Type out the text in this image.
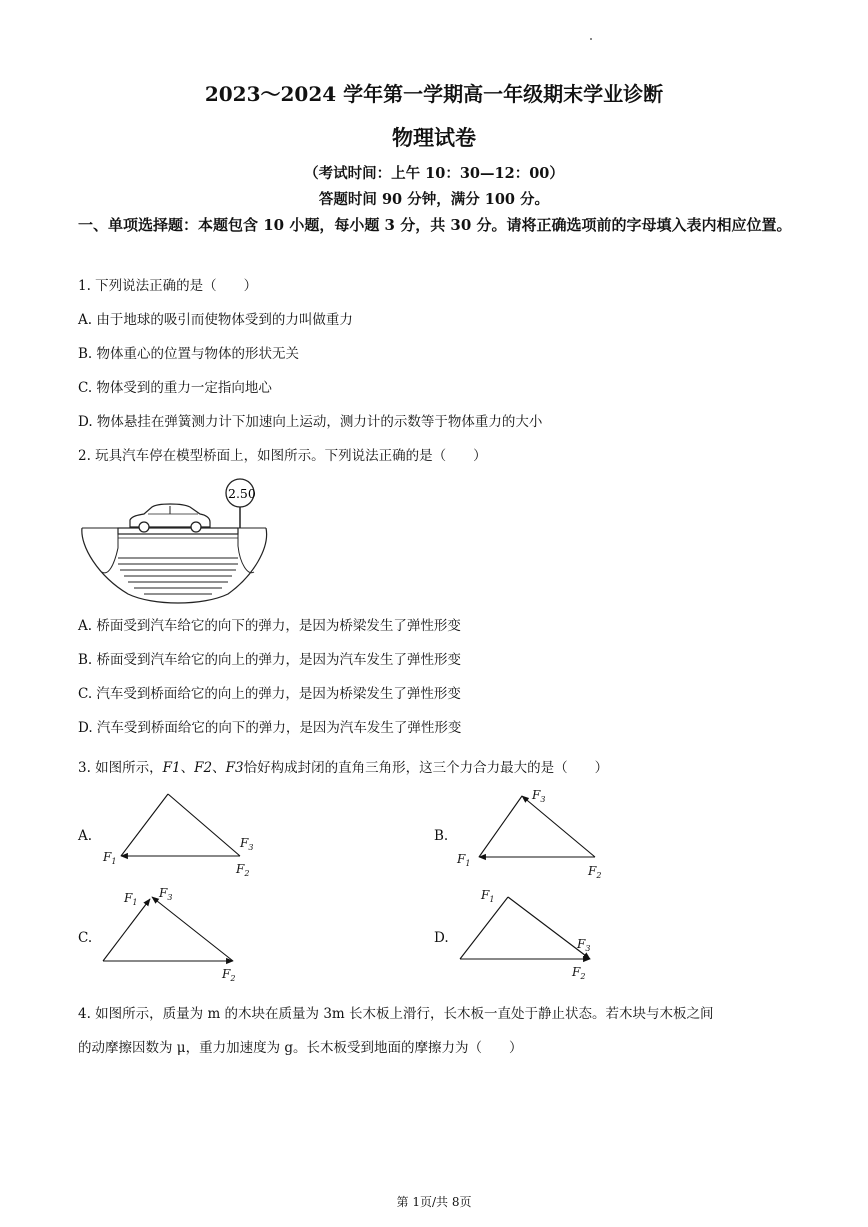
2023～2024 学年第一学期高一年级期末学业诊断
物理试卷
（考试时间：上午 10：30—12：00）
答题时间 90 分钟，满分 100 分。
一、单项选择题：本题包含 10 小题，每小题 3 分，共 30 分。请将正确选项前的字母填入表内相应位置。
1. 下列说法正确的是（　　）
A. 由于地球的吸引而使物体受到的力叫做重力
B. 物体重心的位置与物体的形状无关
C. 物体受到的重力一定指向地心
D. 物体悬挂在弹簧测力计下加速向上运动，测力计的示数等于物体重力的大小
2. 玩具汽车停在模型桥面上，如图所示。下列说法正确的是（　　）
2.50
A. 桥面受到汽车给它的向下的弹力，是因为桥梁发生了弹性形变
B. 桥面受到汽车给它的向上的弹力，是因为汽车发生了弹性形变
C. 汽车受到桥面给它的向上的弹力，是因为桥梁发生了弹性形变
D. 汽车受到桥面给它的向下的弹力，是因为汽车发生了弹性形变
3. 如图所示，F1、F2、F3恰好构成封闭的直角三角形，这三个力合力最大的是（　　）
A.	B.
C.	D.
$F_1$
$F_3$
$F_2$
$F_1$
$F_3$
$F_2$
$F_1$
$F_3$
$F_2$
$F_1$
$F_3$
$F_2$
4. 如图所示，质量为 m 的木块在质量为 3m 长木板上滑行，长木板一直处于静止状态。若木块与木板之间
的动摩擦因数为 μ，重力加速度为 g。长木板受到地面的摩擦力为（　　）
第 1页/共 8页
